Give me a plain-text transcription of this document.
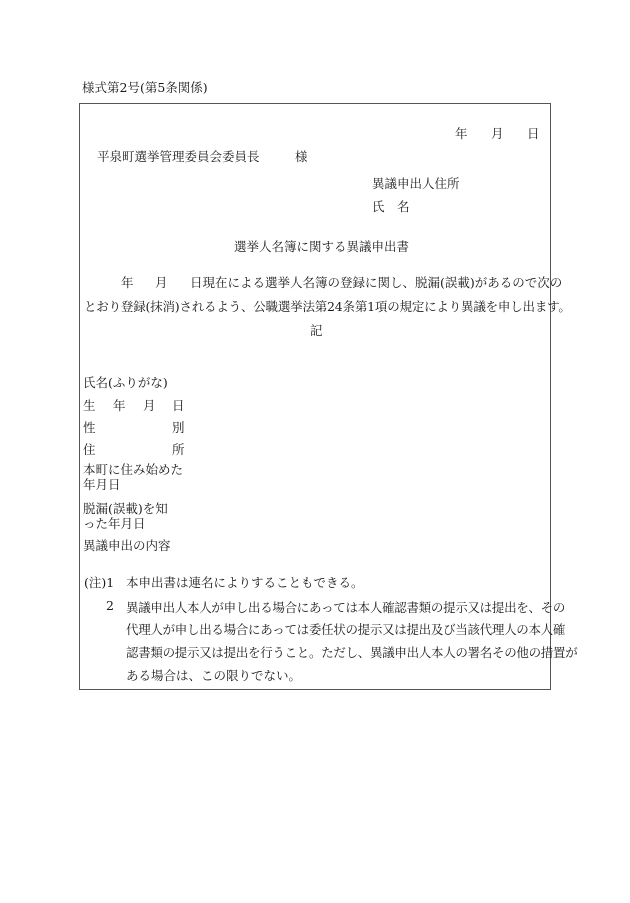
様式第2号(第5条関係)
年 月 日
平泉町選挙管理委員会委員長	様
異議申出人住所
氏 名
選挙人名簿に関する異議申出書
年 月 日現在による選挙人名簿の登録に関し、脱漏(誤載)があるので次の
とおり登録(抹消)されるよう、公職選挙法第24条第1項の規定により異議を申し出ます。
記
氏名(ふりがな)
生 年 月 日
性	別
住	所
本町に住み始めた
年月日
脱漏(誤載)を知
った年月日
異議申出の内容
(注)1 本申出書は連名によりすることもできる。
2 異議申出人本人が申し出る場合にあっては本人確認書類の提示又は提出を、その
代理人が申し出る場合にあっては委任状の提示又は提出及び当該代理人の本人確
認書類の提示又は提出を行うこと。ただし、異議申出人本人の署名その他の措置が
ある場合は、この限りでない。
